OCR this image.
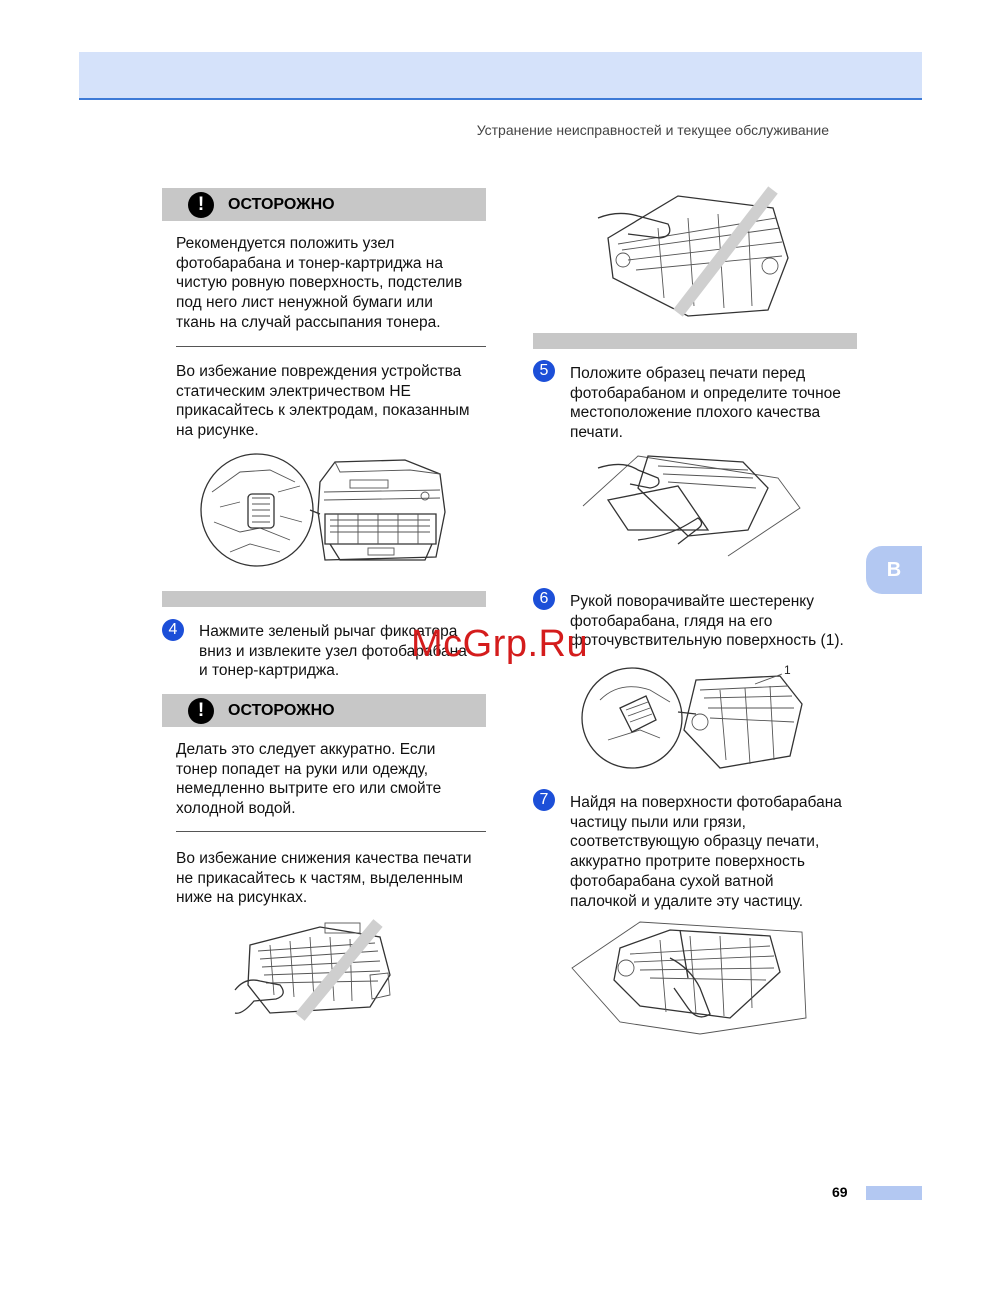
Устранение неисправностей и текущее обслуживание
!	ОСТОРОЖНО

Рекомендуется положить узел

фотобарабана и тонер-картриджа на

чистую ровную поверхность, подстелив

под него лист ненужной бумаги или

ткань на случай рассыпания тонера.

Во избежание повреждения устройства

статическим электричеством НЕ

прикасайтесь к электродам, показанным

на рисунке.

4	Нажмите зеленый рычаг фиксатора

вниз и извлеките узел фотобарабана

и тонер-картриджа.

!	ОСТОРОЖНО

Делать это следует аккуратно. Если

тонер попадет на руки или одежду,

немедленно вытрите его или смойте

холодной водой.

Во избежание снижения качества печати

не прикасайтесь к частям, выделенным

ниже на рисунках.

5	Положите образец печати перед

фотобарабаном и определите точное

местоположение плохого качества

печати.

6	Рукой поворачивайте шестеренку

фотобарабана, глядя на его

фоточувствительную поверхность (1).

1
7	Найдя на поверхности фотобарабана

частицу пыли или грязи,

соответствующую образцу печати,

аккуратно протрите поверхность

фотобарабана сухой ватной

палочкой и удалите эту частицу.

B
McGrp.Ru
69
